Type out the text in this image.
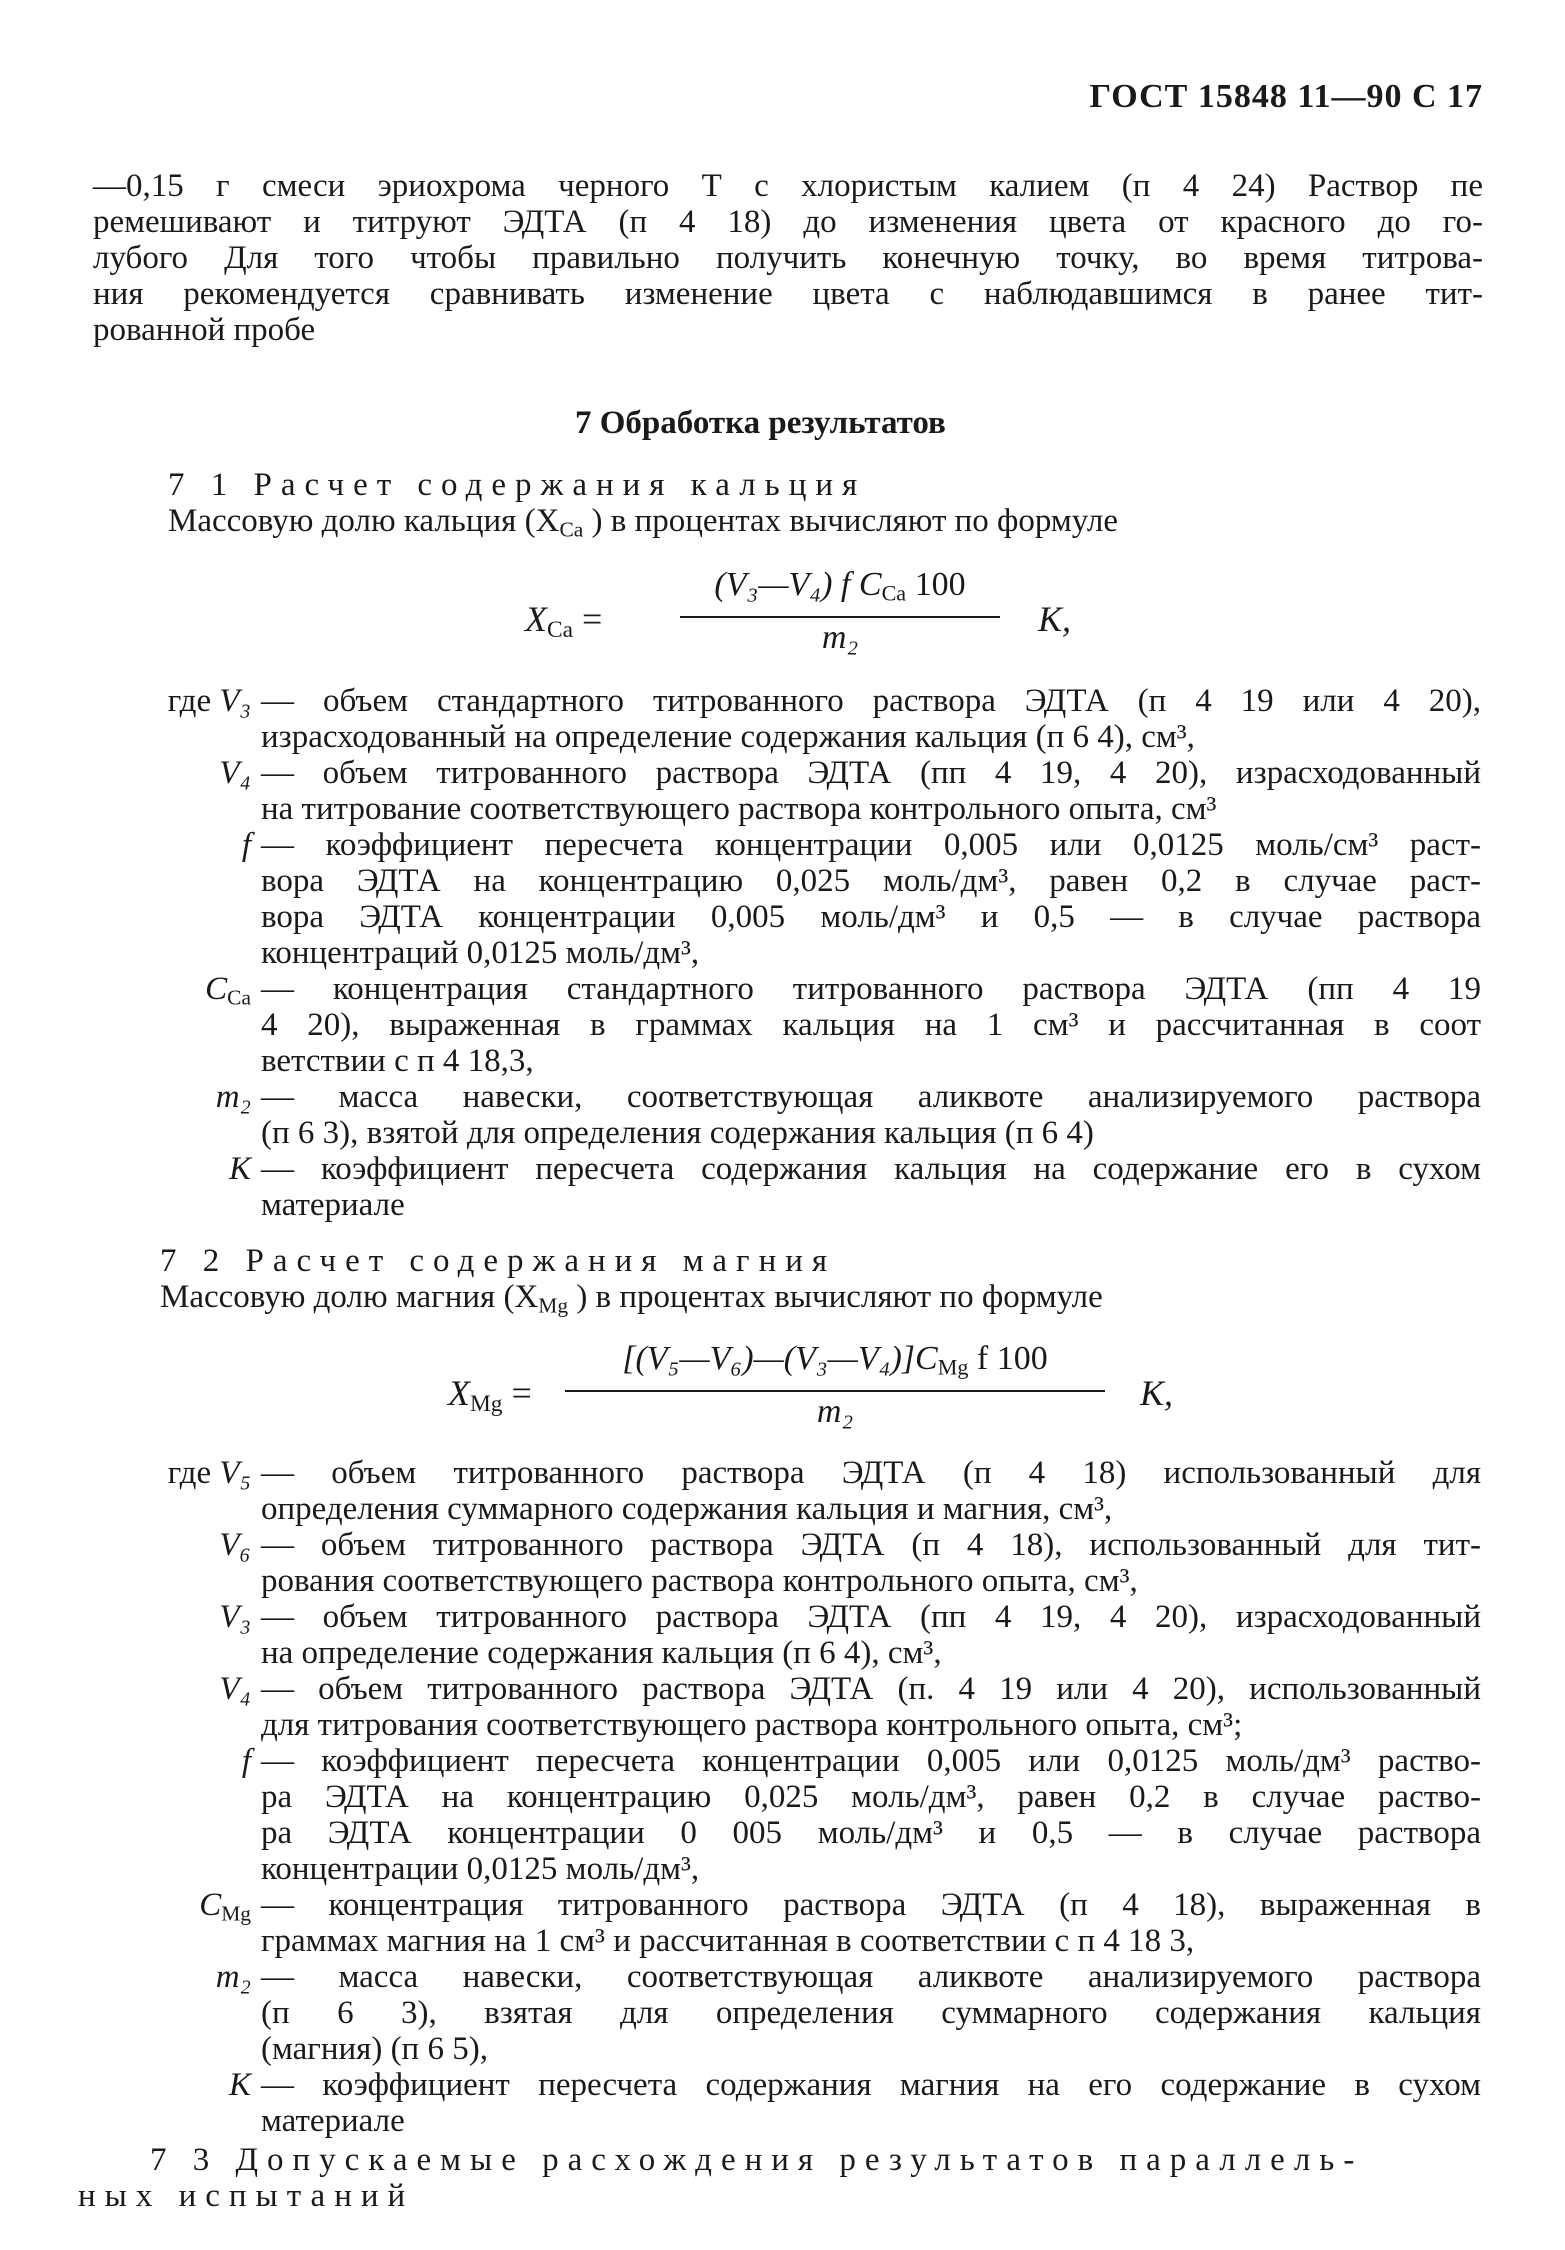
ГОСТ 15848 11—90 С 17
—0,15 г смеси эриохрома черного Т с хлористым калием (п 4 24) Раствор пе
ремешивают и титруют ЭДТА (п 4 18) до изменения цвета от красного до го-
лубого Для того чтобы правильно получить конечную точку, во время титрова-
ния рекомендуется сравнивать изменение цвета с наблюдавшимся в ранее тит-
рованной пробе
7 Обработка результатов
7 1 Расчет содержания кальция
Массовую долю кальция ($X_{Ca}$ ) в процентах вычисляют по формуле
$X_{Ca}$ =
(V₃—V₄) f $C_{Ca}$ 100
m₂	K,
где V₃ — объем стандартного титрованного раствора ЭДТА (п 4 19 или 4 20),
израсходованный на определение содержания кальция (п 6 4), см³,
V₄ — объем титрованного раствора ЭДТА (пп 4 19, 4 20), израсходованный
на титрование соответствующего раствора контрольного опыта, см³
f — коэффициент пересчета концентрации 0,005 или 0,0125 моль/см³ раст-
вора ЭДТА на концентрацию 0,025 моль/дм³, равен 0,2 в случае раст-
вора ЭДТА концентрации 0,005 моль/дм³ и 0,5 — в случае раствора
концентраций 0,0125 моль/дм³,
$C_{Ca}$ — концентрация стандартного титрованного раствора ЭДТА (пп 4 19
4 20), выраженная в граммах кальция на 1 см³ и рассчитанная в соот
ветствии с п 4 18,3,
m₂ — масса навески, соответствующая аликвоте анализируемого раствора
(п 6 3), взятой для определения содержания кальция (п 6 4)
K — коэффициент пересчета содержания кальция на содержание его в сухом
материале
7 2 Расчет содержания магния
Массовую долю магния ($X_{Mg}$ ) в процентах вычисляют по формуле
$X_{Mg}$ =
$[(V_5—V_6)—(V_3—V_4)]C_{Mg}$ f 100
m₂	K,
где V₅ — объем титрованного раствора ЭДТА (п 4 18) использованный для
определения суммарного содержания кальция и магния, см³,
V₆ — объем титрованного раствора ЭДТА (п 4 18), использованный для тит-
рования соответствующего раствора контрольного опыта, см³,
V₃ — объем титрованного раствора ЭДТА (пп 4 19, 4 20), израсходованный
на определение содержания кальция (п 6 4), см³,
V₄ — объем титрованного раствора ЭДТА (п. 4 19 или 4 20), использованный
для титрования соответствующего раствора контрольного опыта, см³;
f — коэффициент пересчета концентрации 0,005 или 0,0125 моль/дм³ раство-
ра ЭДТА на концентрацию 0,025 моль/дм³, равен 0,2 в случае раство-
ра ЭДТА концентрации 0 005 моль/дм³ и 0,5 — в случае раствора
концентрации 0,0125 моль/дм³,
$C_{Mg}$ — концентрация титрованного раствора ЭДТА (п 4 18), выраженная в
граммах магния на 1 см³ и рассчитанная в соответствии с п 4 18 3,
m₂ — масса навески, соответствующая аликвоте анализируемого раствора
(п 6 3), взятая для определения суммарного содержания кальция
(магния) (п 6 5),
K — коэффициент пересчета содержания магния на его содержание в сухом
материале
7 3 Допускаемые расхождения результатов параллель-
ных испытаний
